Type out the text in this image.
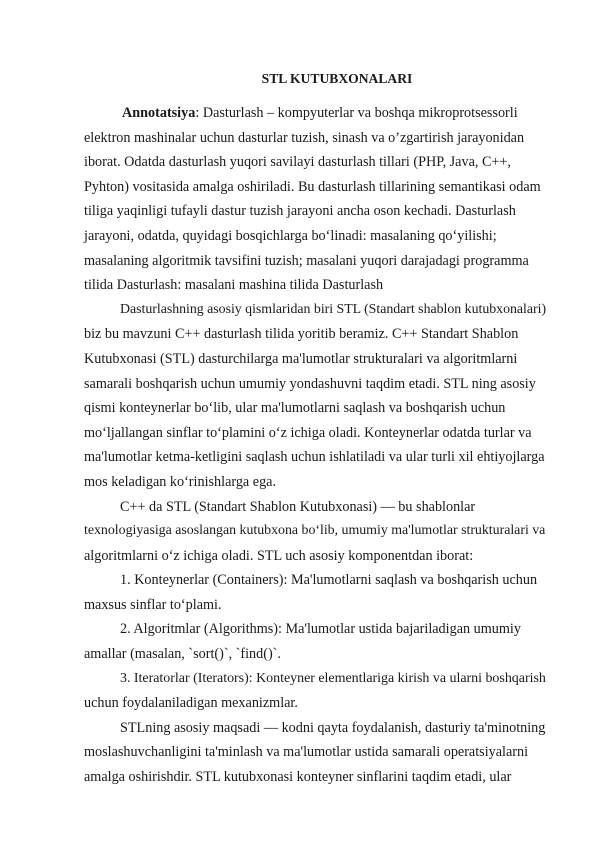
STL KUTUBXONALARI

Annotatsiya: Dasturlash – kompyuterlar va boshqa mikroprotsessorli
elektron mashinalar uchun dasturlar tuzish, sinash va o’zgartirish jarayonidan
iborat. Odatda dasturlash yuqori savilayi dasturlash tillari (PHP, Java, C++,
Pyhton) vositasida amalga oshiriladi. Bu dasturlash tillarining semantikasi odam
tiliga yaqinligi tufayli dastur tuzish jarayoni ancha oson kechadi. Dasturlash
jarayoni, odatda, quyidagi bosqichlarga bo‘linadi: masalaning qo‘yilishi;
masalaning algoritmik tavsifini tuzish; masalani yuqori darajadagi programma
tilida Dasturlash: masalani mashina tilida Dasturlash

Dasturlashning asosiy qismlaridan biri STL (Standart shablon kutubxonalari)
biz bu mavzuni C++ dasturlash tilida yoritib beramiz. C++ Standart Shablon
Kutubxonasi (STL) dasturchilarga ma'lumotlar strukturalari va algoritmlarni
samarali boshqarish uchun umumiy yondashuvni taqdim etadi. STL ning asosiy
qismi konteynerlar bo‘lib, ular ma'lumotlarni saqlash va boshqarish uchun
mo‘ljallangan sinflar to‘plamini o‘z ichiga oladi. Konteynerlar odatda turlar va
ma'lumotlar ketma-ketligini saqlash uchun ishlatiladi va ular turli xil ehtiyojlarga
mos keladigan ko‘rinishlarga ega.

C++ da STL (Standart Shablon Kutubxonasi) — bu shablonlar
texnologiyasiga asoslangan kutubxona bo‘lib, umumiy ma'lumotlar strukturalari va
algoritmlarni o‘z ichiga oladi. STL uch asosiy komponentdan iborat:

1. Konteynerlar (Containers): Ma'lumotlarni saqlash va boshqarish uchun
maxsus sinflar to‘plami.

2. Algoritmlar (Algorithms): Ma'lumotlar ustida bajariladigan umumiy
amallar (masalan, `sort()`, `find()`.

3. Iteratorlar (Iterators): Konteyner elementlariga kirish va ularni boshqarish
uchun foydalaniladigan mexanizmlar.

STLning asosiy maqsadi — kodni qayta foydalanish, dasturiy ta'minotning
moslashuvchanligini ta'minlash va ma'lumotlar ustida samarali operatsiyalarni
amalga oshirishdir. STL kutubxonasi konteyner sinflarini taqdim etadi, ular
